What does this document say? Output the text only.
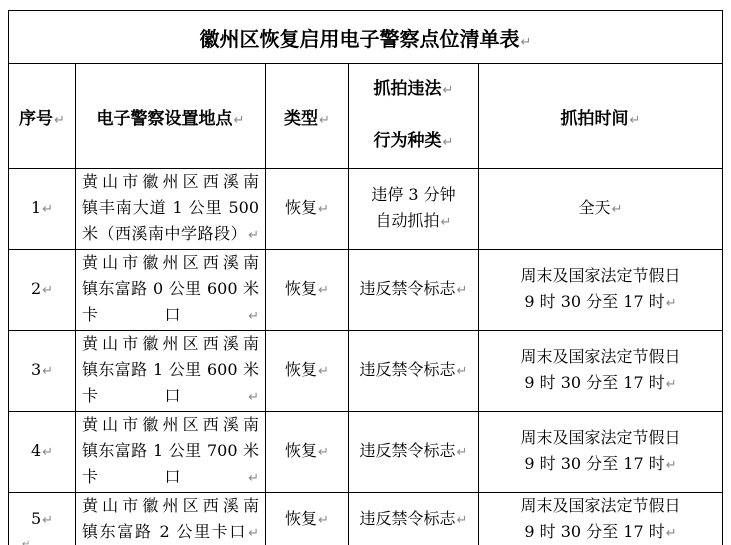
徽州区恢复启用电子警察点位清单表↵				
序号↵	电子警察设置地点↵	类型↵	抓拍违法↵
行为种类↵	抓拍时间↵

1↵	黄山市徽州区西溪南
镇丰南大道 1 公里 500
米（西溪南中学路段）↵	恢复↵	违停 3 分钟
自动抓拍↵	全天↵

2↵	黄山市徽州区西溪南
镇东富路 0 公里 600 米
卡口↵	恢复↵	违反禁令标志↵	周末及国家法定节假日
9 时 30 分至 17 时↵

3↵	黄山市徽州区西溪南
镇东富路 1 公里 600 米
卡口↵	恢复↵	违反禁令标志↵	周末及国家法定节假日
9 时 30 分至 17 时↵

4↵	黄山市徽州区西溪南
镇东富路 1 公里 700 米
卡口↵	恢复↵	违反禁令标志↵	周末及国家法定节假日
9 时 30 分至 17 时↵

5↵	黄山市徽州区西溪南
镇东富路 2 公里卡口↵	恢复↵	违反禁令标志↵	周末及国家法定节假日
9 时 30 分至 17 时↵
↵
